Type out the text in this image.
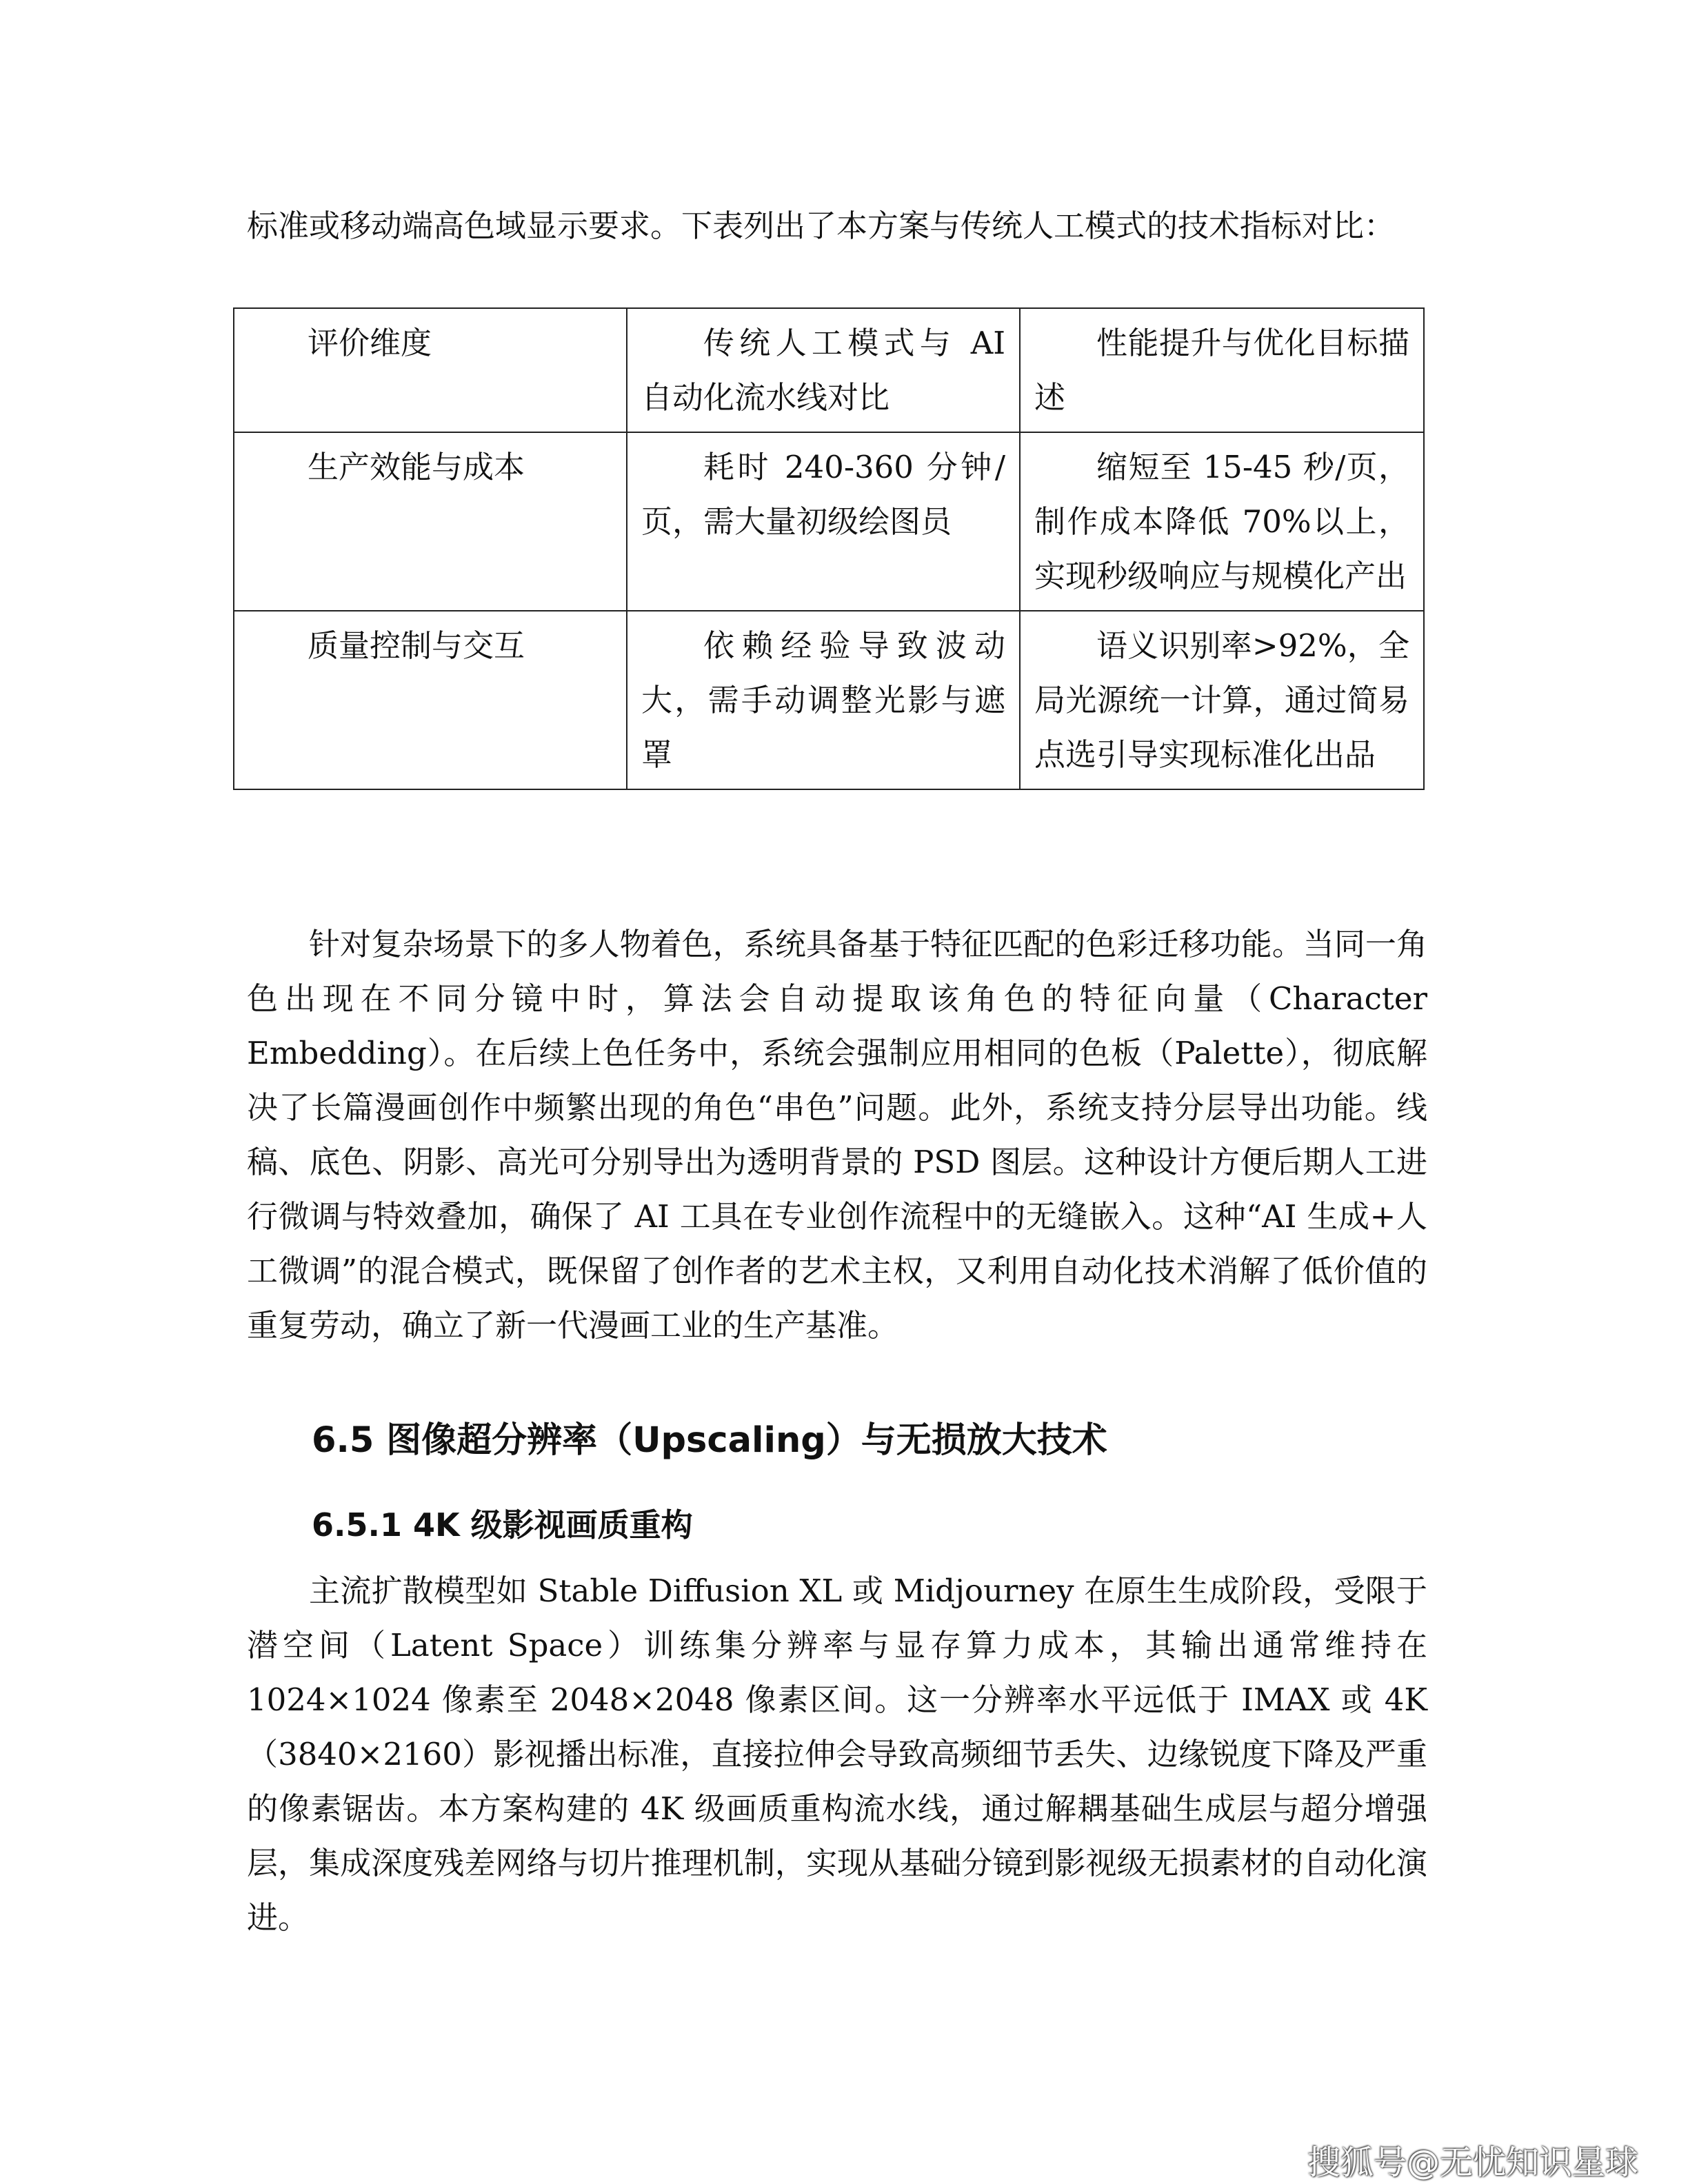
标准或移动端高色域显示要求。下表列出了本方案与传统人工模式的技术指标对比：

评价维度	传统人工模式与 AI 自动化流水线对比	性能提升与优化目标描述
生产效能与成本	耗时 240-360 分钟/页，需大量初级绘图员	缩短至 15-45 秒/页，制作成本降低 70%以上，实现秒级响应与规模化产出
质量控制与交互	依赖经验导致波动大，需手动调整光影与遮罩	语义识别率>92%，全局光源统一计算，通过简易点选引导实现标准化出品

针对复杂场景下的多人物着色，系统具备基于特征匹配的色彩迁移功能。当同一角色出现在不同分镜中时，算法会自动提取该角色的特征向量（Character Embedding）。在后续上色任务中，系统会强制应用相同的色板（Palette），彻底解决了长篇漫画创作中频繁出现的角色“串色”问题。此外，系统支持分层导出功能。线稿、底色、阴影、高光可分别导出为透明背景的 PSD 图层。这种设计方便后期人工进行微调与特效叠加，确保了 AI 工具在专业创作流程中的无缝嵌入。这种“AI 生成+人工微调”的混合模式，既保留了创作者的艺术主权，又利用自动化技术消解了低价值的重复劳动，确立了新一代漫画工业的生产基准。

6.5 图像超分辨率（Upscaling）与无损放大技术
6.5.1 4K 级影视画质重构

主流扩散模型如 Stable Diffusion XL 或 Midjourney 在原生生成阶段，受限于潜空间（Latent Space）训练集分辨率与显存算力成本，其输出通常维持在 1024×1024 像素至 2048×2048 像素区间。这一分辨率水平远低于 IMAX 或 4K（3840×2160）影视播出标准，直接拉伸会导致高频细节丢失、边缘锐度下降及严重的像素锯齿。本方案构建的 4K 级画质重构流水线，通过解耦基础生成层与超分增强层，集成深度残差网络与切片推理机制，实现从基础分镜到影视级无损素材的自动化演进。

搜狐号@无忧知识星球
